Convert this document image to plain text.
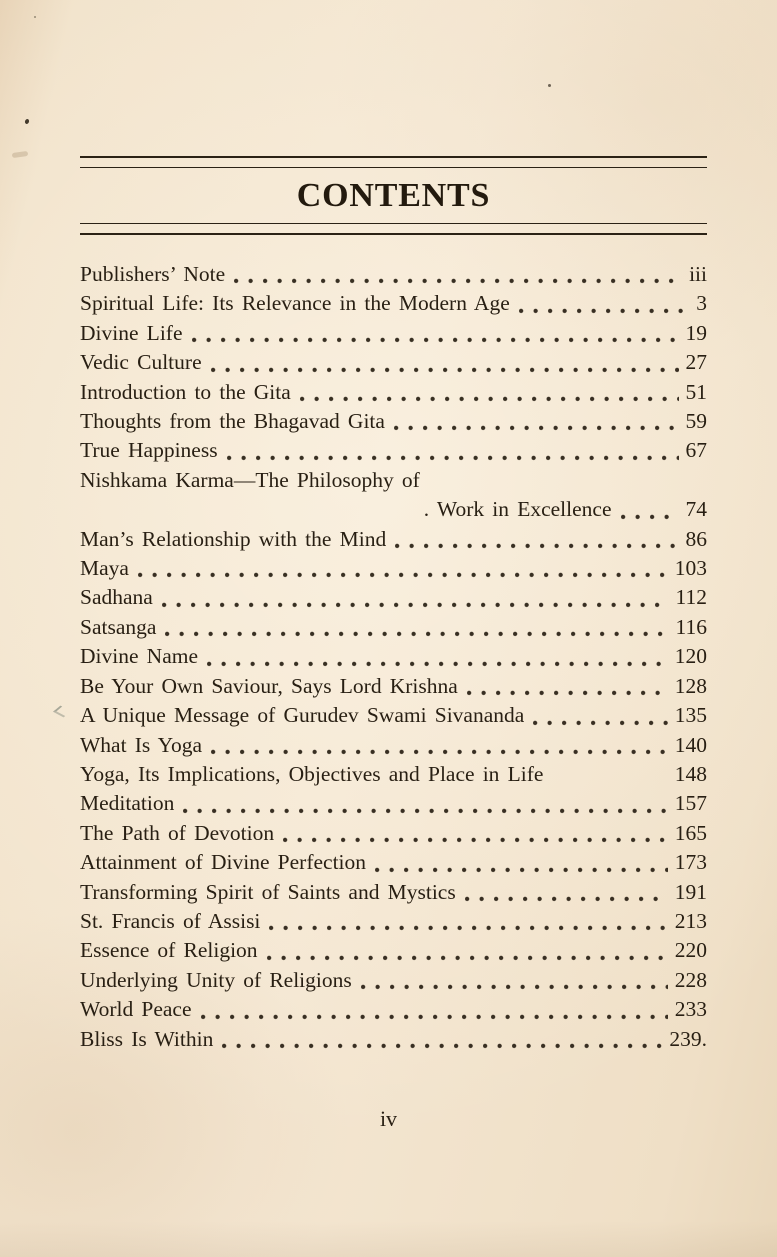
CONTENTS
Publishers’ Note	iii
Spiritual Life: Its Relevance in the Modern Age	3
Divine Life	19
Vedic Culture	27
Introduction to the Gita	51
Thoughts from the Bhagavad Gita	59
True Happiness	67
Nishkama Karma—The Philosophy of
. Work in Excellence	74
Man’s Relationship with the Mind	86
Maya	103
Sadhana	112
Satsanga	116
Divine Name	120
Be Your Own Saviour, Says Lord Krishna	128
A Unique Message of Gurudev Swami Sivananda	135
What Is Yoga	140
Yoga, Its Implications, Objectives and Place in Life	148
Meditation	157
The Path of Devotion	165
Attainment of Divine Perfection	173
Transforming Spirit of Saints and Mystics	191
St. Francis of Assisi	213
Essence of Religion	220
Underlying Unity of Religions	228
World Peace	233
Bliss Is Within	239.
iv
